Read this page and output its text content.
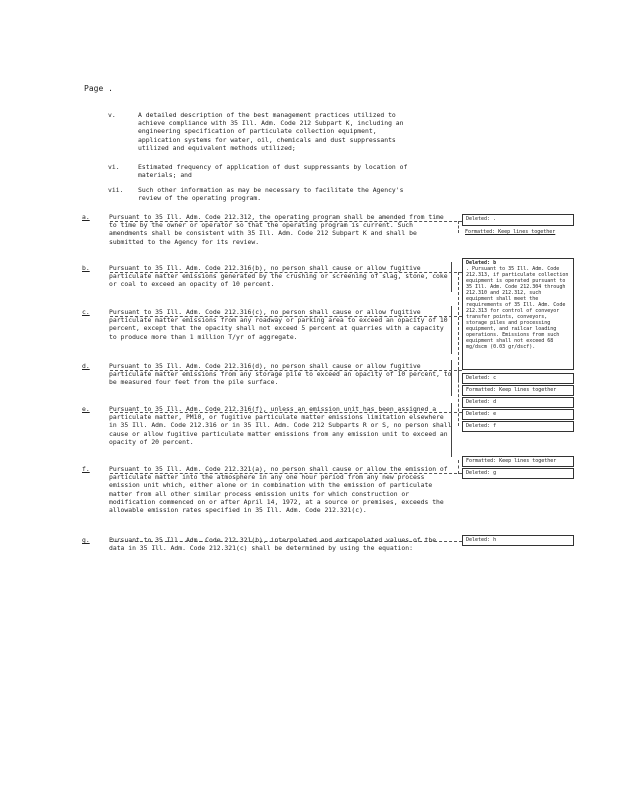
Page .
v.	A detailed description of the best management practices utilized to achieve compliance with 35 Ill. Adm. Code 212 Subpart K, including an engineering specification of particulate collection equipment, application systems for water, oil, chemicals and dust suppressants utilized and equivalent methods utilized;
vi.	Estimated frequency of application of dust suppressants by location of materials; and
vii. Such other information as may be necessary to facilitate the Agency's review of the operating program.
a.	Pursuant to 35 Ill. Adm. Code 212.312, the operating program shall be amended from time to time by the owner or operator so that the operating program is current. Such amendments shall be consistent with 35 Ill. Adm. Code 212 Subpart K and shall be submitted to the Agency for its review.
b.	Pursuant to 35 Ill. Adm. Code 212.316(b), no person shall cause or allow fugitive particulate matter emissions generated by the crushing or screening of slag, stone, coke or coal to exceed an opacity of 10 percent.
c.	Pursuant to 35 Ill. Adm. Code 212.316(c), no person shall cause or allow fugitive particulate matter emissions from any roadway or parking area to exceed an opacity of 10 percent, except that the opacity shall not exceed 5 percent at quarries with a capacity to produce more than 1 million T/yr of aggregate.
d.	Pursuant to 35 Ill. Adm. Code 212.316(d), no person shall cause or allow fugitive particulate matter emissions from any storage pile to exceed an opacity of 10 percent, to be measured four feet from the pile surface.
e.	Pursuant to 35 Ill. Adm. Code 212.316(f), unless an emission unit has been assigned a particulate matter, PM10, or fugitive particulate matter emissions limitation elsewhere in 35 Ill. Adm. Code 212.316 or in 35 Ill. Adm. Code 212 Subparts R or S, no person shall cause or allow fugitive particulate matter emissions from any emission unit to exceed an opacity of 20 percent.
f.	Pursuant to 35 Ill. Adm. Code 212.321(a), no person shall cause or allow the emission of particulate matter into the atmosphere in any one hour period from any new process emission unit which, either alone or in combination with the emission of particulate matter from all other similar process emission units for which construction or modification commenced on or after April 14, 1972, at a source or premises, exceeds the allowable emission rates specified in 35 Ill. Adm. Code 212.321(c).
g.	Pursuant to 35 Ill. Adm. Code 212.321(b), interpolated and extrapolated values of the data in 35 Ill. Adm. Code 212.321(c) shall be determined by using the equation:
Deleted: .
Formatted: Keep lines together
Deleted: b
. Pursuant to 35 Ill. Adm. Code 212.313, if particulate collection equipment is operated pursuant to 35 Ill. Adm. Code 212.304 through 212.310 and 212.312, such equipment shall meet the requirements of 35 Ill. Adm. Code 212.313 for control of conveyor transfer points, conveyors, storage piles and processing equipment, and railcar loading operations. Emissions from such equipment shall not exceed 68 mg/dscm (0.03 gr/dscf).
Deleted: c
Formatted: Keep lines together
Deleted: d
Deleted: e
Deleted: f
Formatted: Keep lines together
Deleted: g
Deleted: h
